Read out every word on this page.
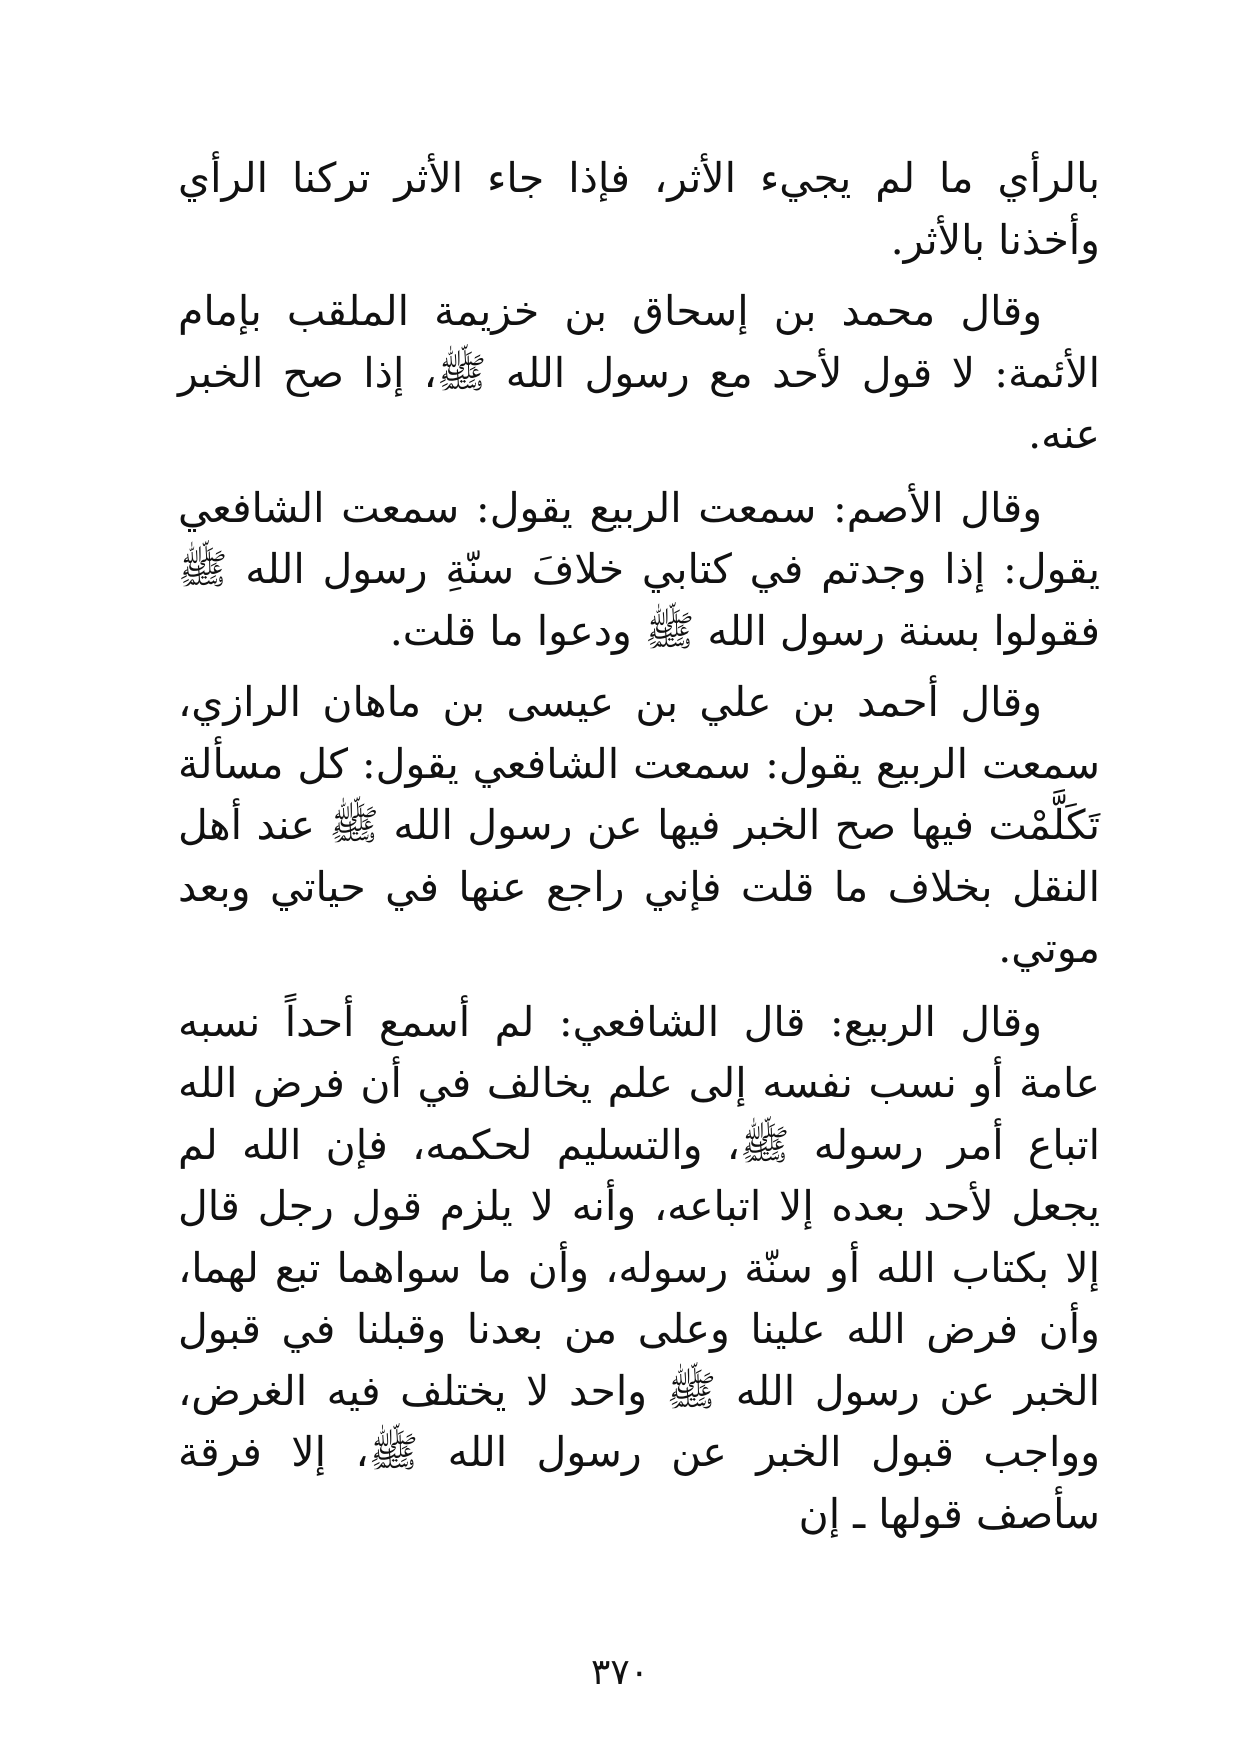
بالرأي ما لم يجيء الأثر، فإذا جاء الأثر تركنا الرأي وأخذنا بالأثر.

وقال محمد بن إسحاق بن خزيمة الملقب بإمام الأئمة: لا قول لأحد مع رسول الله ﷺ، إذا صح الخبر عنه.

وقال الأصم: سمعت الربيع يقول: سمعت الشافعي يقول: إذا وجدتم في كتابي خلافَ سنّةِ رسول الله ﷺ فقولوا بسنة رسول الله ﷺ ودعوا ما قلت.

وقال أحمد بن علي بن عيسى بن ماهان الرازي، سمعت الربيع يقول: سمعت الشافعي يقول: كل مسألة تَكَلَّمْت فيها صح الخبر فيها عن رسول الله ﷺ عند أهل النقل بخلاف ما قلت فإني راجع عنها في حياتي وبعد موتي.

وقال الربيع: قال الشافعي: لم أسمع أحداً نسبه عامة أو نسب نفسه إلى علم يخالف في أن فرض الله اتباع أمر رسوله ﷺ، والتسليم لحكمه، فإن الله لم يجعل لأحد بعده إلا اتباعه، وأنه لا يلزم قول رجل قال إلا بكتاب الله أو سنّة رسوله، وأن ما سواهما تبع لهما، وأن فرض الله علينا وعلى من بعدنا وقبلنا في قبول الخبر عن رسول الله ﷺ واحد لا يختلف فيه الغرض، وواجب قبول الخبر عن رسول الله ﷺ، إلا فرقة سأصف قولها ـ إن

٣٧٠
